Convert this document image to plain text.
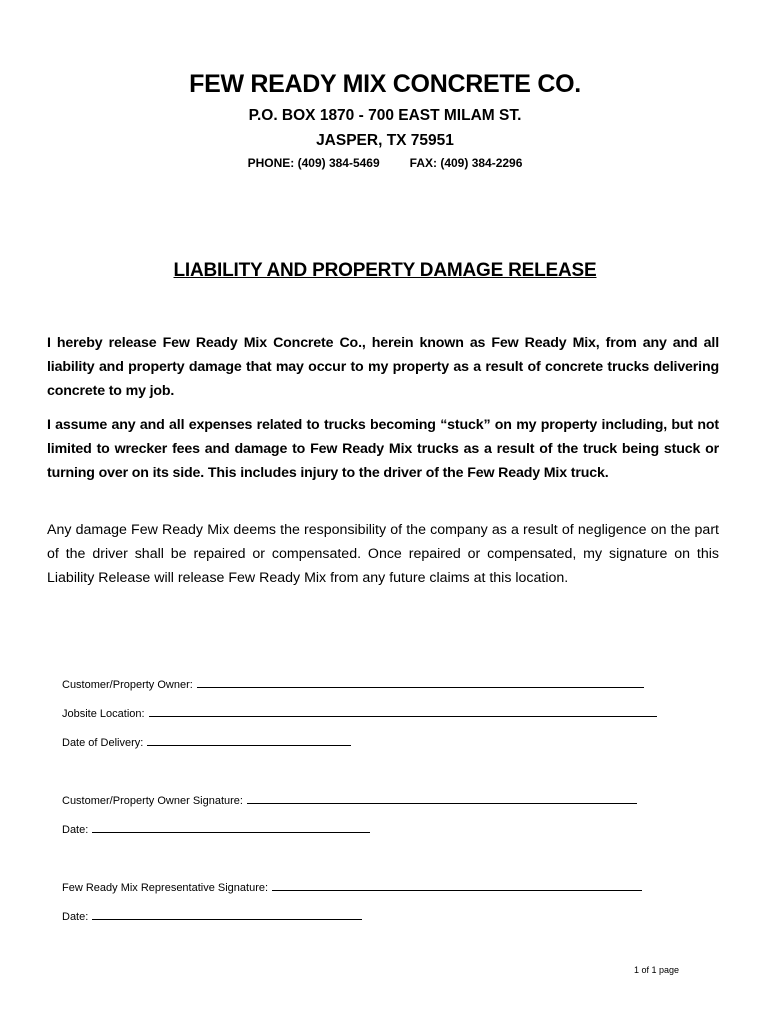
FEW READY MIX CONCRETE CO.
P.O. BOX 1870 - 700 EAST MILAM ST.
JASPER, TX 75951
PHONE: (409) 384-5469	FAX: (409) 384-2296
LIABILITY AND PROPERTY DAMAGE RELEASE

I hereby release Few Ready Mix Concrete Co., herein known as Few Ready Mix, from any and all liability and property damage that may occur to my property as a result of concrete trucks delivering concrete to my job.

I assume any and all expenses related to trucks becoming “stuck” on my property including, but not limited to wrecker fees and damage to Few Ready Mix trucks as a result of the truck being stuck or turning over on its side. This includes injury to the driver of the Few Ready Mix truck.

Any damage Few Ready Mix deems the responsibility of the company as a result of negligence on the part of the driver shall be repaired or compensated. Once repaired or compensated, my signature on this Liability Release will release Few Ready Mix from any future claims at this location.

Customer/Property Owner:
Jobsite Location:
Date of Delivery:
Customer/Property Owner Signature:
Date:
Few Ready Mix Representative Signature:
Date:
1 of 1 page
